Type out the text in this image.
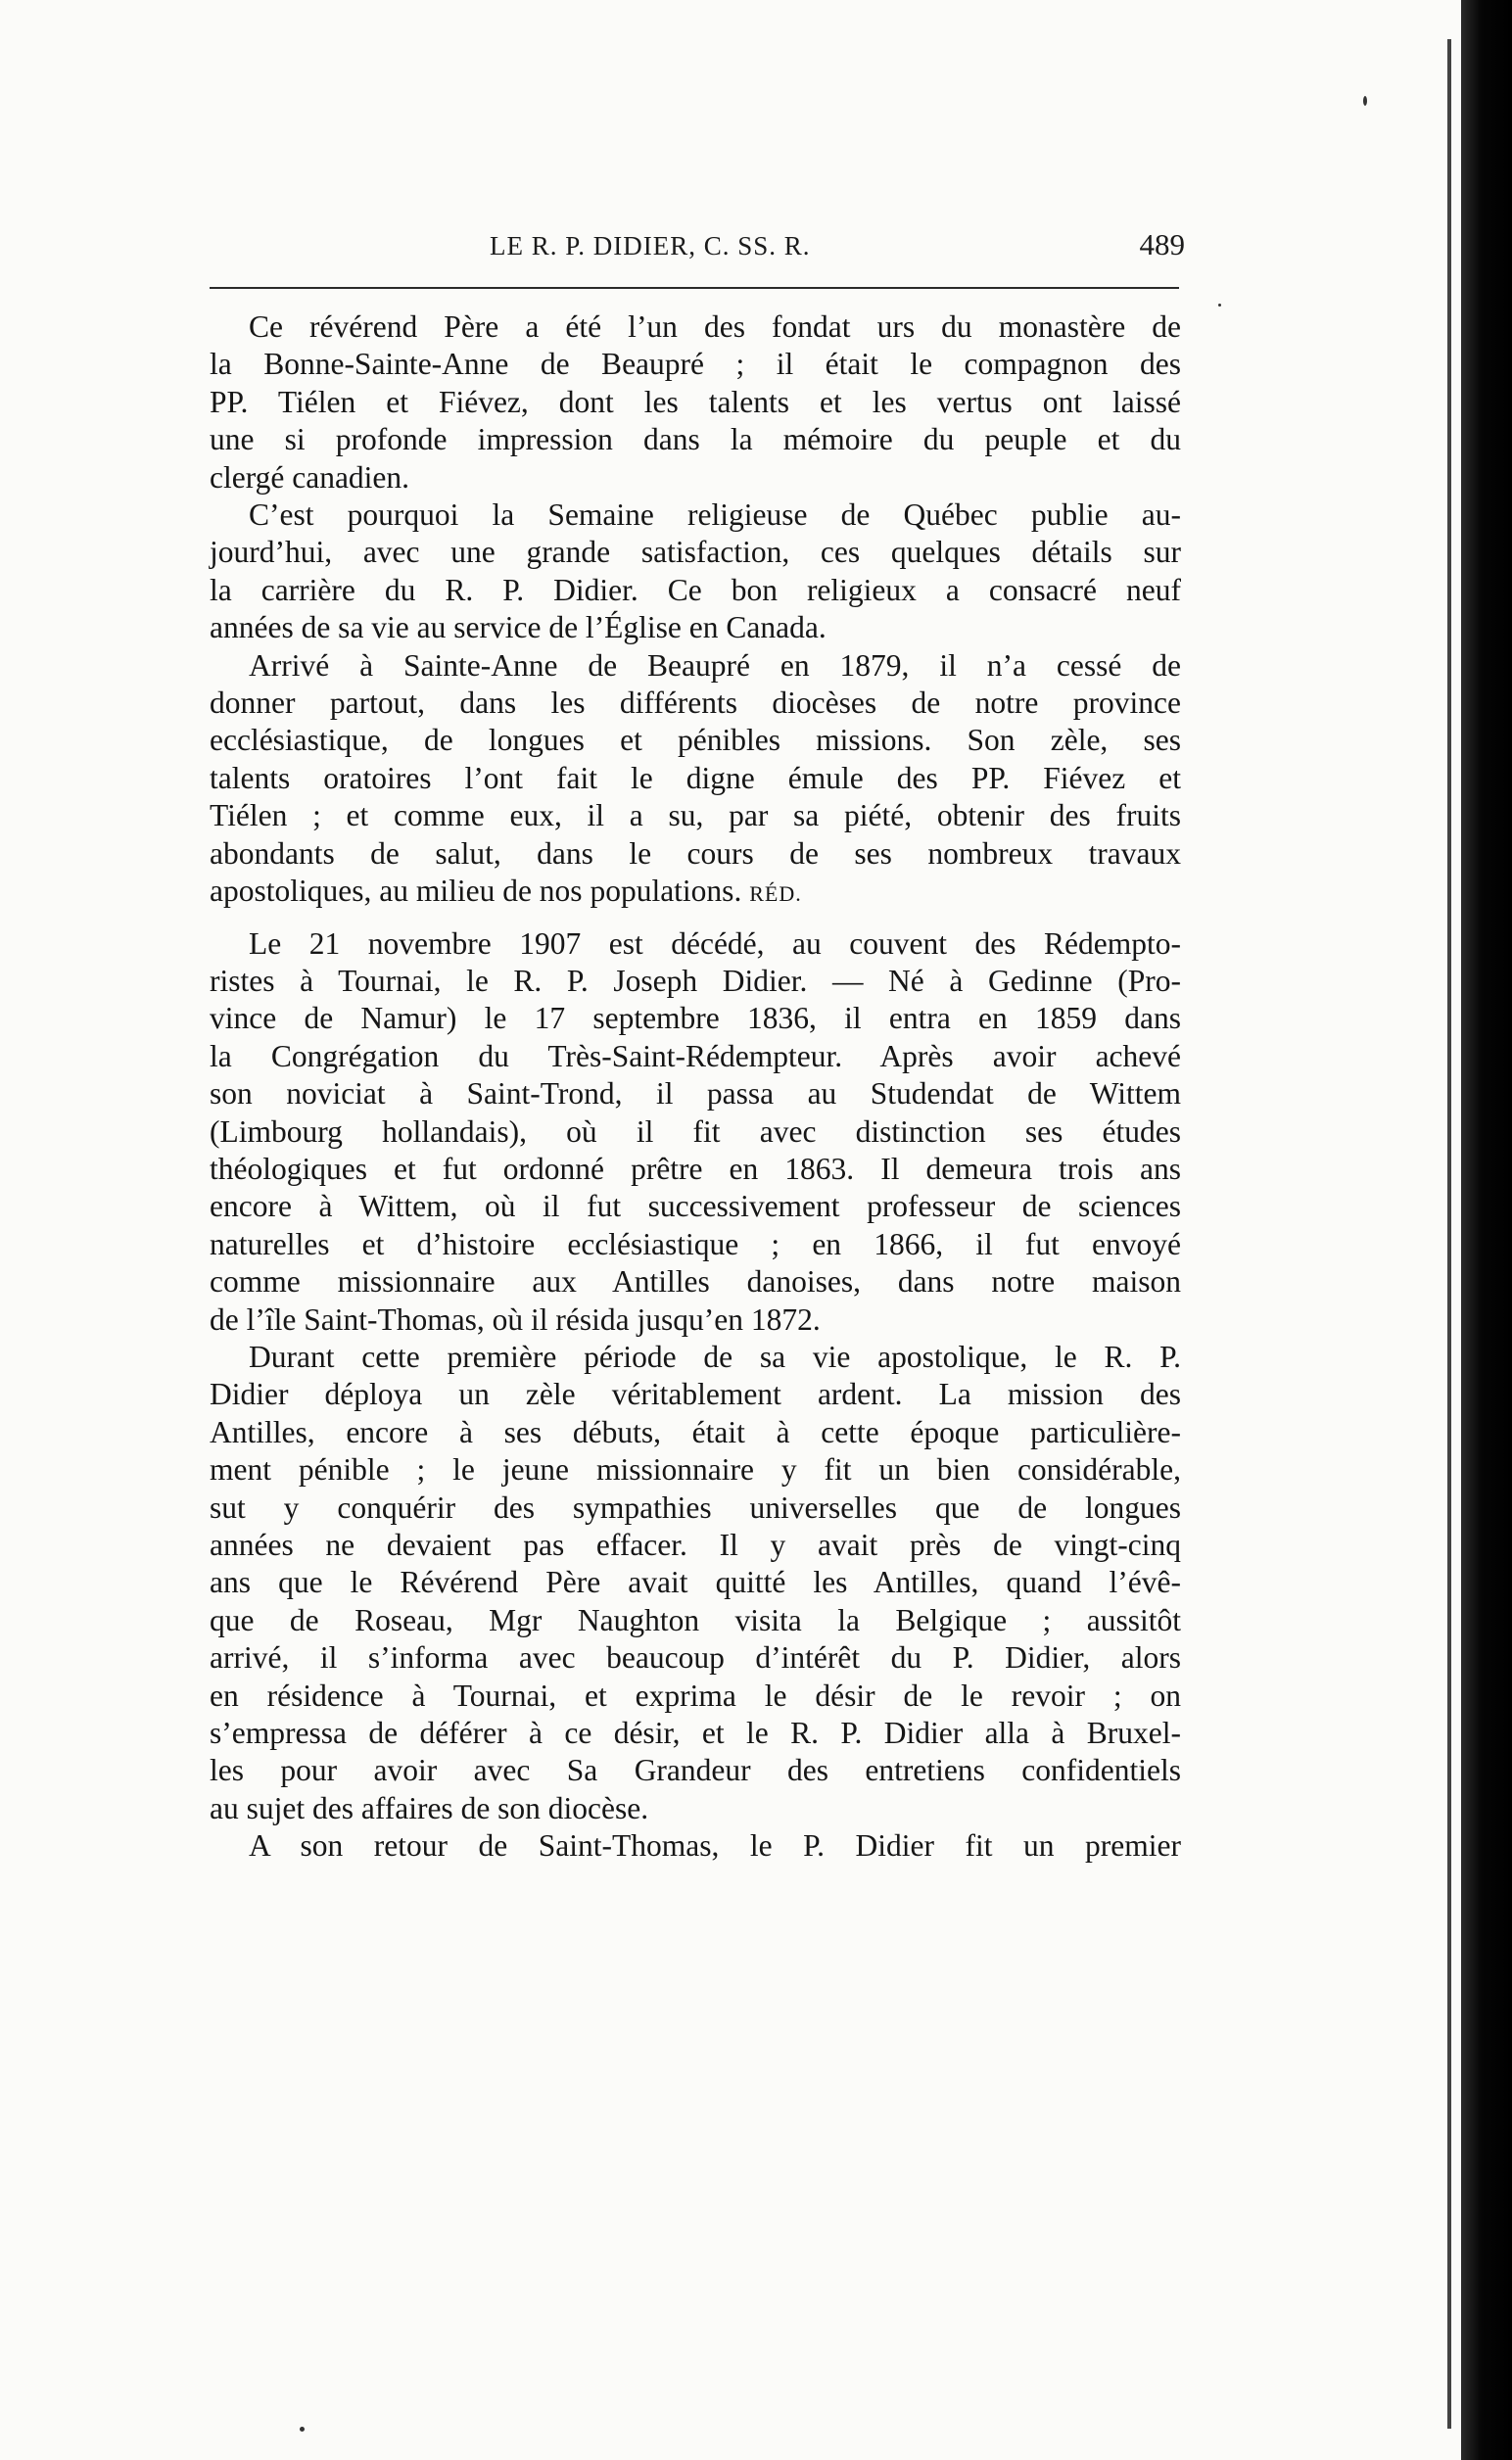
LE R. P. DIDIER, C. SS. R.	489
Ce révérend Père a été l’un des fondat urs du monastère de
la Bonne-Sainte-Anne de Beaupré ; il était le compagnon des
PP. Tiélen et Fiévez, dont les talents et les vertus ont laissé
une si profonde impression dans la mémoire du peuple et du
clergé canadien.
C’est pourquoi la Semaine religieuse de Québec publie au-
jourd’hui, avec une grande satisfaction, ces quelques détails sur
la carrière du R. P. Didier. Ce bon religieux a consacré neuf
années de sa vie au service de l’Église en Canada.
Arrivé à Sainte-Anne de Beaupré en 1879, il n’a cessé de
donner partout, dans les différents diocèses de notre province
ecclésiastique, de longues et pénibles missions. Son zèle, ses
talents oratoires l’ont fait le digne émule des PP. Fiévez et
Tiélen ; et comme eux, il a su, par sa piété, obtenir des fruits
abondants de salut, dans le cours de ses nombreux travaux
apostoliques, au milieu de nos populations. RÉD.
Le 21 novembre 1907 est décédé, au couvent des Rédempto-
ristes à Tournai, le R. P. Joseph Didier. — Né à Gedinne (Pro-
vince de Namur) le 17 septembre 1836, il entra en 1859 dans
la Congrégation du Très-Saint-Rédempteur. Après avoir achevé
son noviciat à Saint-Trond, il passa au Studendat de Wittem
(Limbourg hollandais), où il fit avec distinction ses études
théologiques et fut ordonné prêtre en 1863. Il demeura trois ans
encore à Wittem, où il fut successivement professeur de sciences
naturelles et d’histoire ecclésiastique ; en 1866, il fut envoyé
comme missionnaire aux Antilles danoises, dans notre maison
de l’île Saint-Thomas, où il résida jusqu’en 1872.
Durant cette première période de sa vie apostolique, le R. P.
Didier déploya un zèle véritablement ardent. La mission des
Antilles, encore à ses débuts, était à cette époque particulière-
ment pénible ; le jeune missionnaire y fit un bien considérable,
sut y conquérir des sympathies universelles que de longues
années ne devaient pas effacer. Il y avait près de vingt-cinq
ans que le Révérend Père avait quitté les Antilles, quand l’évê-
que de Roseau, Mgr Naughton visita la Belgique ; aussitôt
arrivé, il s’informa avec beaucoup d’intérêt du P. Didier, alors
en résidence à Tournai, et exprima le désir de le revoir ; on
s’empressa de déférer à ce désir, et le R. P. Didier alla à Bruxel-
les pour avoir avec Sa Grandeur des entretiens confidentiels
au sujet des affaires de son diocèse.
A son retour de Saint-Thomas, le P. Didier fit un premier
